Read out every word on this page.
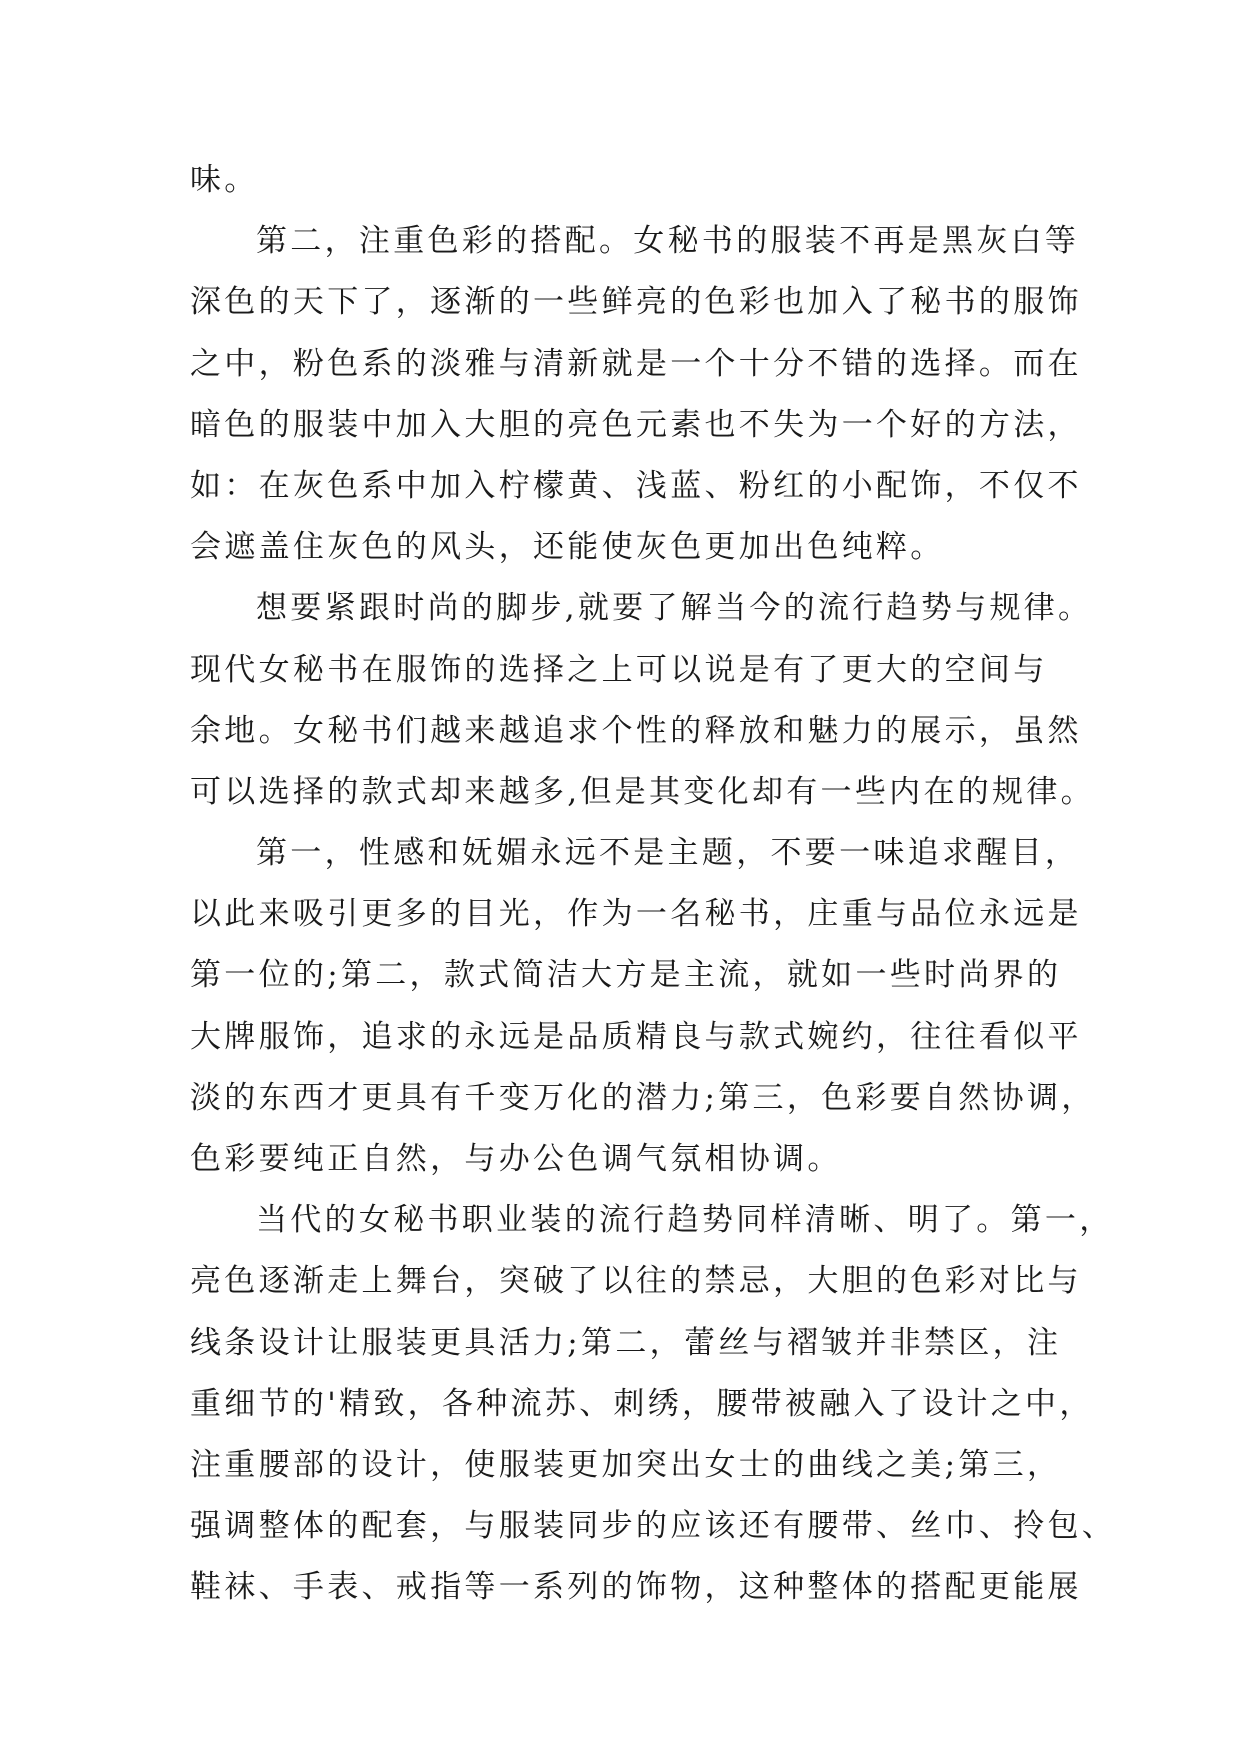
味。
第二，注重色彩的搭配。女秘书的服装不再是黑灰白等
深色的天下了，逐渐的一些鲜亮的色彩也加入了秘书的服饰
之中，粉色系的淡雅与清新就是一个十分不错的选择。而在
暗色的服装中加入大胆的亮色元素也不失为一个好的方法，
如：在灰色系中加入柠檬黄、浅蓝、粉红的小配饰，不仅不
会遮盖住灰色的风头，还能使灰色更加出色纯粹。
想要紧跟时尚的脚步,就要了解当今的流行趋势与规律。
现代女秘书在服饰的选择之上可以说是有了更大的空间与
余地。女秘书们越来越追求个性的释放和魅力的展示，虽然
可以选择的款式却来越多,但是其变化却有一些内在的规律。
第一，性感和妩媚永远不是主题，不要一味追求醒目，
以此来吸引更多的目光，作为一名秘书，庄重与品位永远是
第一位的;第二，款式简洁大方是主流，就如一些时尚界的
大牌服饰，追求的永远是品质精良与款式婉约，往往看似平
淡的东西才更具有千变万化的潜力;第三，色彩要自然协调，
色彩要纯正自然，与办公色调气氛相协调。
当代的女秘书职业装的流行趋势同样清晰、明了。第一，
亮色逐渐走上舞台，突破了以往的禁忌，大胆的色彩对比与
线条设计让服装更具活力;第二，蕾丝与褶皱并非禁区，注
重细节的'精致，各种流苏、刺绣，腰带被融入了设计之中，
注重腰部的设计，使服装更加突出女士的曲线之美;第三，
强调整体的配套，与服装同步的应该还有腰带、丝巾、拎包、
鞋袜、手表、戒指等一系列的饰物，这种整体的搭配更能展
